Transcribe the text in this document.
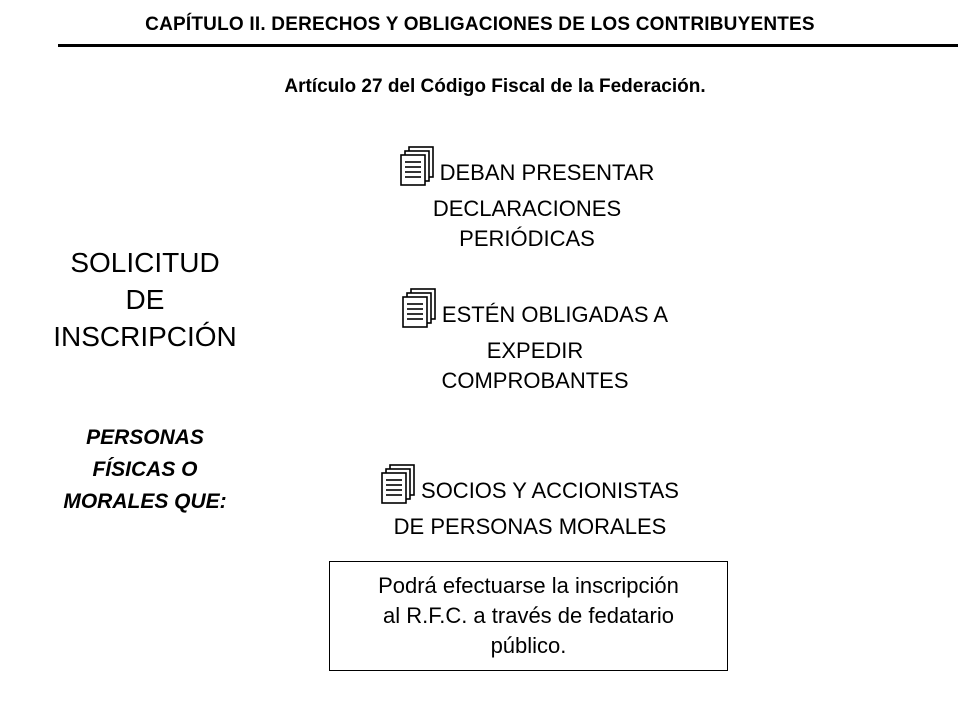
CAPÍTULO II. DERECHOS Y OBLIGACIONES DE LOS CONTRIBUYENTES
Artículo 27 del Código Fiscal de la Federación.
SOLICITUD
DE
INSCRIPCIÓN
PERSONAS
FÍSICAS O
MORALES QUE:
DEBAN PRESENTAR
DECLARACIONES
PERIÓDICAS
ESTÉN OBLIGADAS A
EXPEDIR
COMPROBANTES
SOCIOS Y ACCIONISTAS
DE PERSONAS MORALES
Podrá efectuarse la inscripción
al R.F.C. a través de fedatario
público.
